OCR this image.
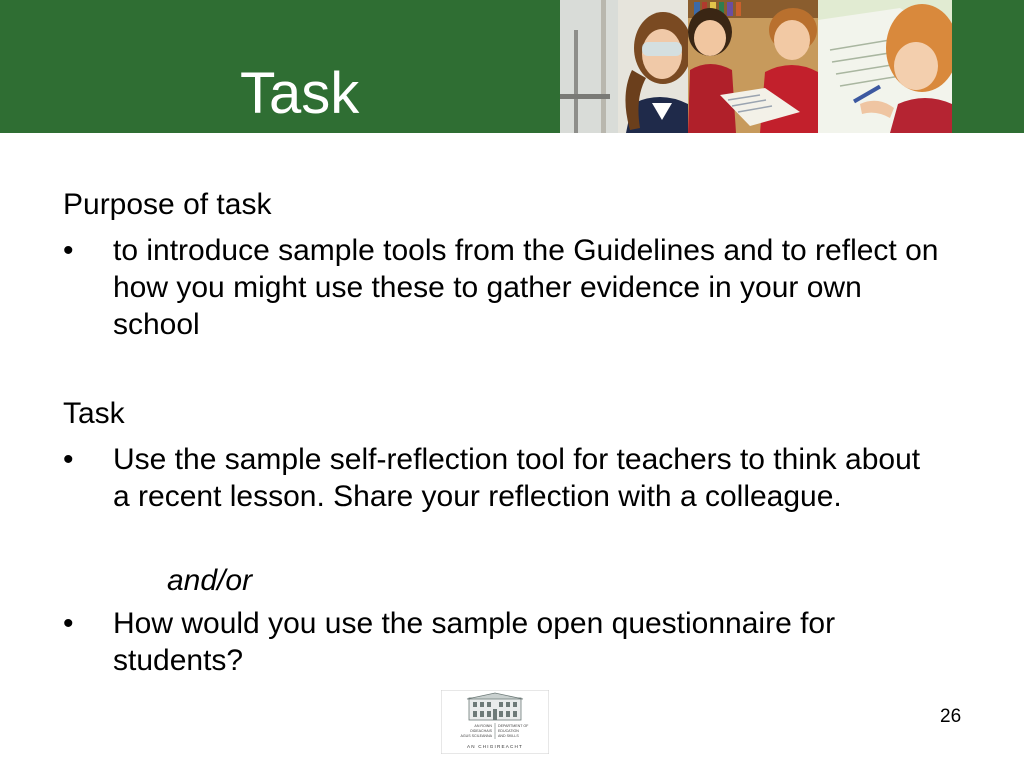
Task
Purpose of task
•	to introduce sample tools from the Guidelines and to reflect on how you might use these to gather evidence in your own school
Task
•	Use the sample self-reflection tool for teachers to think about a recent lesson. Share your reflection with a colleague.
and/or
•	How would you use the sample open questionnaire for students?
AN ROINN
OIDEACHAIS
AGUS SCILEANNA
DEPARTMENT OF
EDUCATION
AND SKILLS
AN CHIGIREACHT
26
